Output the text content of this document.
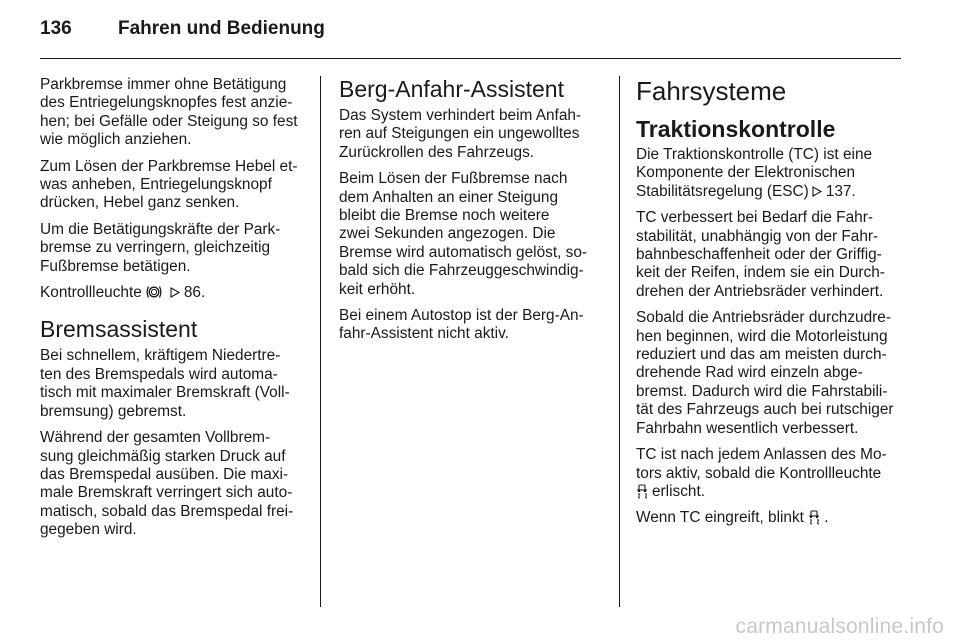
136	Fahren und Bedienung

Parkbremse immer ohne Betätigung
des Entriegelungsknopfes fest anzie-
hen; bei Gefälle oder Steigung so fest
wie möglich anziehen.

Zum Lösen der Parkbremse Hebel et-
was anheben, Entriegelungsknopf
drücken, Hebel ganz senken.

Um die Betätigungskräfte der Park-
bremse zu verringern, gleichzeitig
Fußbremse betätigen.

Kontrollleuchte	86.

Bremsassistent

Bei schnellem, kräftigem Niedertre-
ten des Bremspedals wird automa-
tisch mit maximaler Bremskraft (Voll-
bremsung) gebremst.

Während der gesamten Vollbrem-
sung gleichmäßig starken Druck auf
das Bremspedal ausüben. Die maxi-
male Bremskraft verringert sich auto-
matisch, sobald das Bremspedal frei-
gegeben wird.

Berg-Anfahr-Assistent

Das System verhindert beim Anfah-
ren auf Steigungen ein ungewolltes
Zurückrollen des Fahrzeugs.

Beim Lösen der Fußbremse nach
dem Anhalten an einer Steigung
bleibt die Bremse noch weitere
zwei Sekunden angezogen. Die
Bremse wird automatisch gelöst, so-
bald sich die Fahrzeuggeschwindig-
keit erhöht.

Bei einem Autostop ist der Berg-An-
fahr-Assistent nicht aktiv.

Fahrsysteme
Traktionskontrolle

Die Traktionskontrolle (TC) ist eine
Komponente der Elektronischen
Stabilitätsregelung (ESC) 137.

TC verbessert bei Bedarf die Fahr-
stabilität, unabhängig von der Fahr-
bahnbeschaffenheit oder der Griffig-
keit der Reifen, indem sie ein Durch-
drehen der Antriebsräder verhindert.

Sobald die Antriebsräder durchzudre-
hen beginnen, wird die Motorleistung
reduziert und das am meisten durch-
drehende Rad wird einzeln abge-
bremst. Dadurch wird die Fahrstabili-
tät des Fahrzeugs auch bei rutschiger
Fahrbahn wesentlich verbessert.

TC ist nach jedem Anlassen des Mo-
tors aktiv, sobald die Kontrollleuchte
erlischt.

Wenn TC eingreift, blinkt .

carmanualsonline.info
